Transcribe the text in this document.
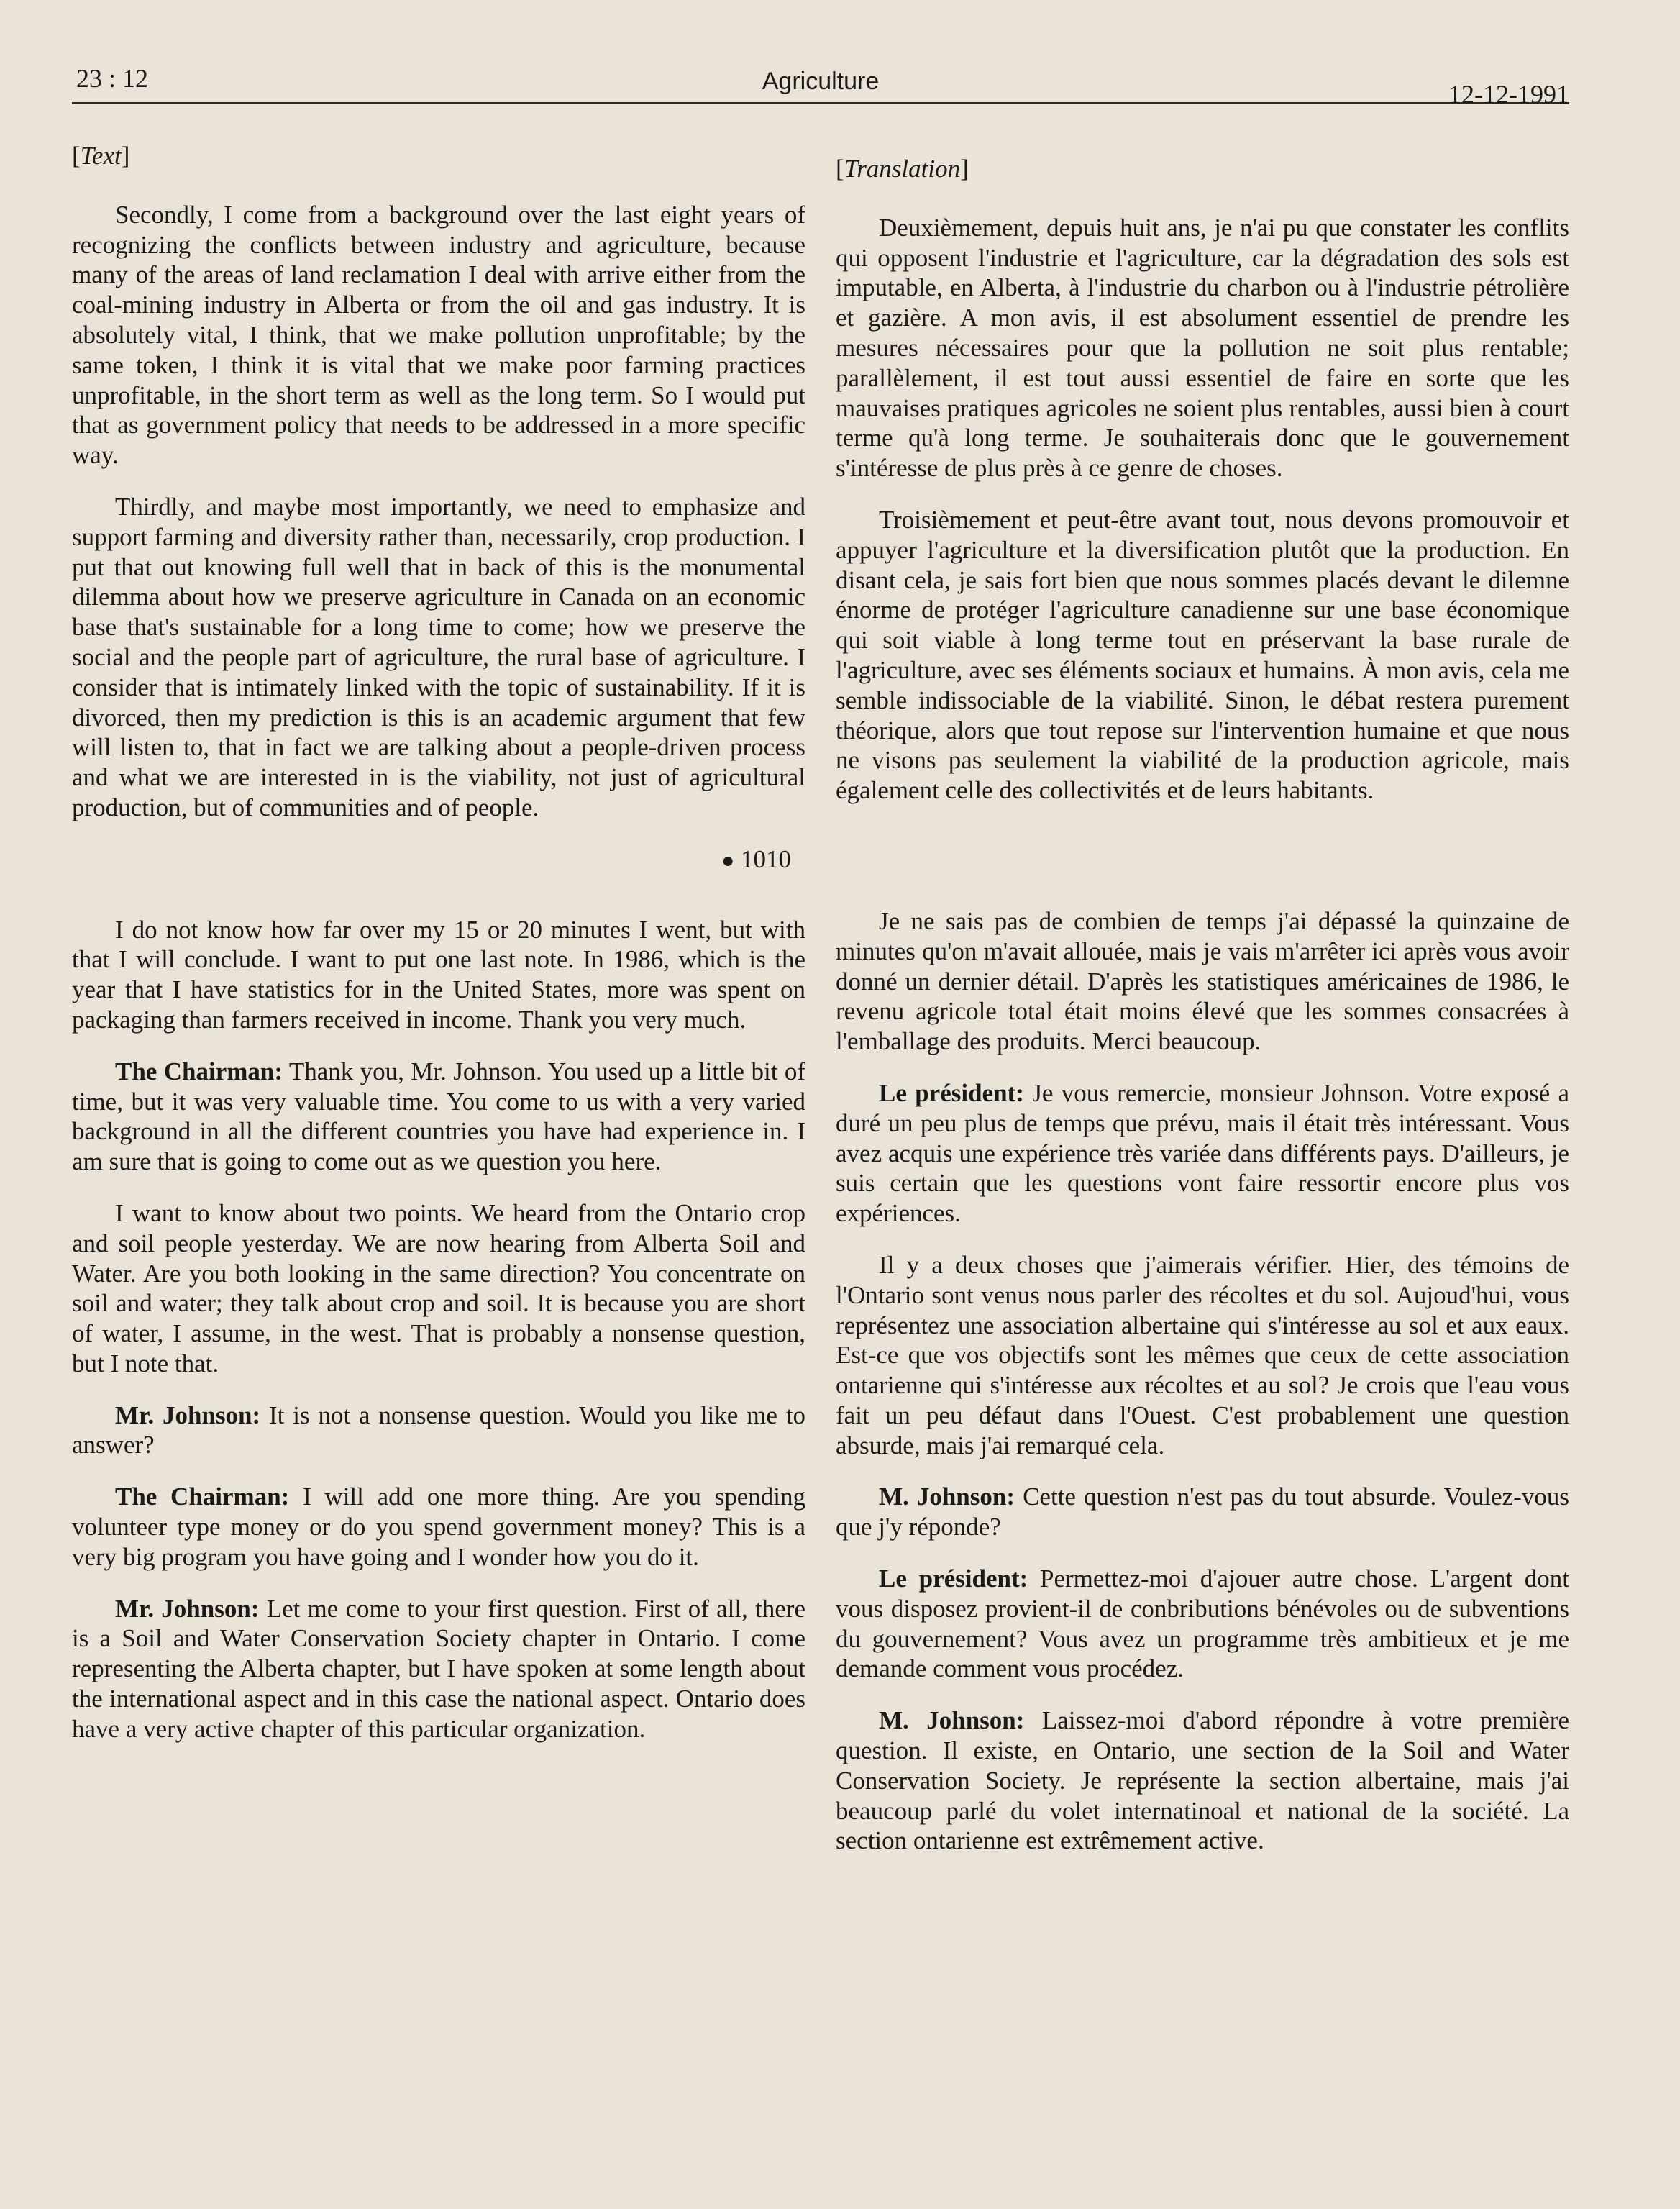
23 : 12	Agriculture	12-12-1991
[Text]

Secondly, I come from a background over the last eight years of recognizing the conflicts between industry and agriculture, because many of the areas of land reclamation I deal with arrive either from the coal-mining industry in Alberta or from the oil and gas industry. It is absolutely vital, I think, that we make pollution unprofitable; by the same token, I think it is vital that we make poor farming practices unprofitable, in the short term as well as the long term. So I would put that as government policy that needs to be addressed in a more specific way.

Thirdly, and maybe most importantly, we need to emphasize and support farming and diversity rather than, necessarily, crop production. I put that out knowing full well that in back of this is the monumental dilemma about how we preserve agriculture in Canada on an economic base that's sustainable for a long time to come; how we preserve the social and the people part of agriculture, the rural base of agriculture. I consider that is intimately linked with the topic of sustainability. If it is divorced, then my prediction is this is an academic argument that few will listen to, that in fact we are talking about a people-driven process and what we are interested in is the viability, not just of agricultural production, but of communities and of people.

● 1010

I do not know how far over my 15 or 20 minutes I went, but with that I will conclude. I want to put one last note. In 1986, which is the year that I have statistics for in the United States, more was spent on packaging than farmers received in income. Thank you very much.

The Chairman: Thank you, Mr. Johnson. You used up a little bit of time, but it was very valuable time. You come to us with a very varied background in all the different countries you have had experience in. I am sure that is going to come out as we question you here.

I want to know about two points. We heard from the Ontario crop and soil people yesterday. We are now hearing from Alberta Soil and Water. Are you both looking in the same direction? You concentrate on soil and water; they talk about crop and soil. It is because you are short of water, I assume, in the west. That is probably a nonsense question, but I note that.

Mr. Johnson: It is not a nonsense question. Would you like me to answer?

The Chairman: I will add one more thing. Are you spending volunteer type money or do you spend government money? This is a very big program you have going and I wonder how you do it.

Mr. Johnson: Let me come to your first question. First of all, there is a Soil and Water Conservation Society chapter in Ontario. I come representing the Alberta chapter, but I have spoken at some length about the international aspect and in this case the national aspect. Ontario does have a very active chapter of this particular organization.

[Translation]

Deuxièmement, depuis huit ans, je n'ai pu que constater les conflits qui opposent l'industrie et l'agriculture, car la dégradation des sols est imputable, en Alberta, à l'industrie du charbon ou à l'industrie pétrolière et gazière. A mon avis, il est absolument essentiel de prendre les mesures nécessaires pour que la pollution ne soit plus rentable; parallèlement, il est tout aussi essentiel de faire en sorte que les mauvaises pratiques agricoles ne soient plus rentables, aussi bien à court terme qu'à long terme. Je souhaiterais donc que le gouvernement s'intéresse de plus près à ce genre de choses.

Troisièmement et peut-être avant tout, nous devons promouvoir et appuyer l'agriculture et la diversification plutôt que la production. En disant cela, je sais fort bien que nous sommes placés devant le dilemne énorme de protéger l'agriculture canadienne sur une base économique qui soit viable à long terme tout en préservant la base rurale de l'agriculture, avec ses éléments sociaux et humains. À mon avis, cela me semble indissociable de la viabilité. Sinon, le débat restera purement théorique, alors que tout repose sur l'intervention humaine et que nous ne visons pas seulement la viabilité de la production agricole, mais également celle des collectivités et de leurs habitants.

Je ne sais pas de combien de temps j'ai dépassé la quinzaine de minutes qu'on m'avait allouée, mais je vais m'arrêter ici après vous avoir donné un dernier détail. D'après les statistiques américaines de 1986, le revenu agricole total était moins élevé que les sommes consacrées à l'emballage des produits. Merci beaucoup.

Le président: Je vous remercie, monsieur Johnson. Votre exposé a duré un peu plus de temps que prévu, mais il était très intéressant. Vous avez acquis une expérience très variée dans différents pays. D'ailleurs, je suis certain que les questions vont faire ressortir encore plus vos expériences.

Il y a deux choses que j'aimerais vérifier. Hier, des témoins de l'Ontario sont venus nous parler des récoltes et du sol. Aujoud'hui, vous représentez une association albertaine qui s'intéresse au sol et aux eaux. Est-ce que vos objectifs sont les mêmes que ceux de cette association ontarienne qui s'intéresse aux récoltes et au sol? Je crois que l'eau vous fait un peu défaut dans l'Ouest. C'est probablement une question absurde, mais j'ai remarqué cela.

M. Johnson: Cette question n'est pas du tout absurde. Voulez-vous que j'y réponde?

Le président: Permettez-moi d'ajouer autre chose. L'argent dont vous disposez provient-il de conbributions bénévoles ou de subventions du gouvernement? Vous avez un programme très ambitieux et je me demande comment vous procédez.

M. Johnson: Laissez-moi d'abord répondre à votre première question. Il existe, en Ontario, une section de la Soil and Water Conservation Society. Je représente la section albertaine, mais j'ai beaucoup parlé du volet internatinoal et national de la société. La section ontarienne est extrêmement active.
